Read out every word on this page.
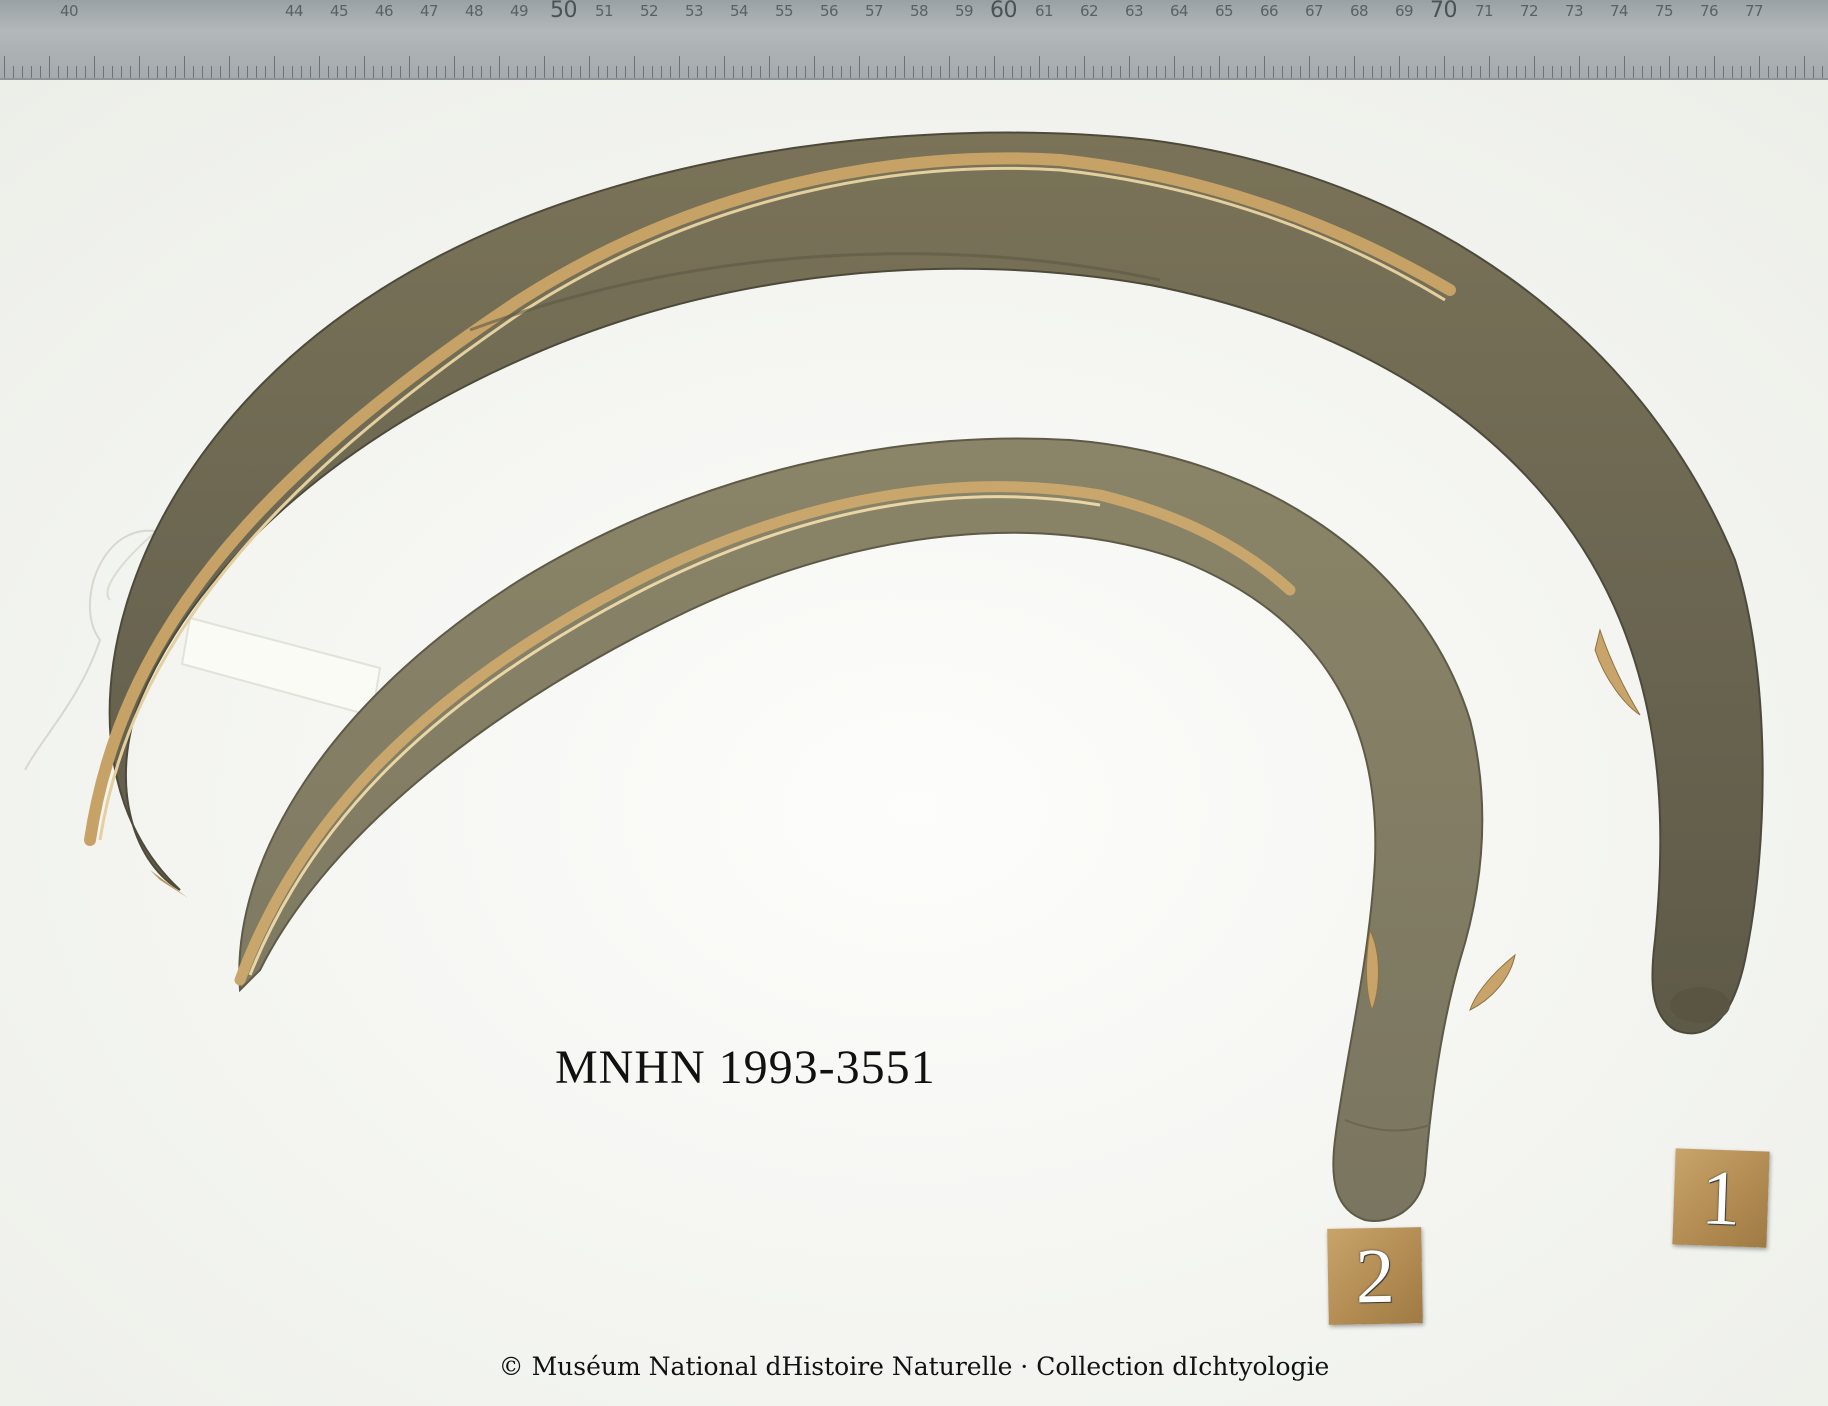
40	44 45 46 47 48 49 50 51 52 53 54 55 56 57 58 59 60 61 62 63 64 65 66 67 68 69 70 71 72 73 74 75 76 77
MNHN 1993-3551
1
2
© Muséum National dHistoire Naturelle · Collection dIchtyologie
